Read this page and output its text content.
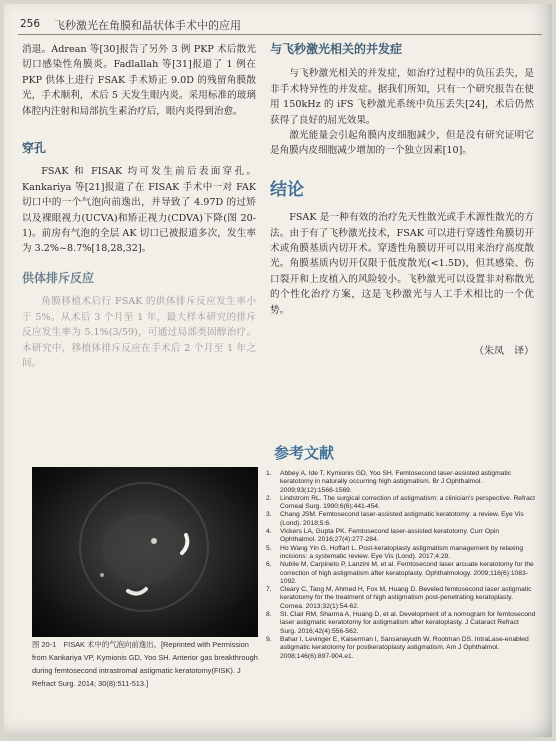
256 飞秒激光在角膜和晶状体手术中的应用

消退。Adrean 等[30]报告了另外 3 例 PKP 术后散光切口感染性角膜炎。Fadlallah 等[31]报道了 1 例在 PKP 供体上进行 FSAK 手术矫正 9.0D 的残留角膜散光，手术顺利，术后 5 天发生眼内炎。采用标准的玻璃体腔内注射和局部抗生素治疗后，眼内炎得到治愈。

穿孔

FSAK 和 FISAK 均可发生前后表面穿孔。Kankariya 等[21]报道了在 FISAK 手术中一对 FAK 切口中的一个气泡向前逸出，并导致了 4.97D 的过矫以及裸眼视力(UCVA)和矫正视力(CDVA)下降(图 20-1)。前房有气泡的全层 AK 切口已被报道多次，发生率为 3.2%~8.7%[18,28,32]。

供体排斥反应

角膜移植术后行 FSAK 的供体排斥反应发生率小于 5%。从术后 3 个月至 1 年，最大样本研究的排斥反应发生率为 5.1%(3/59)，可通过局部类固醇治疗。本研究中，移植体排斥反应在手术后 2 个月至 1 年之间。

图 20-1　FISAK 术中的气泡向前逸出。[Reprinted with Permission from Kankariya VP, Kymionis GD, Yoo SH. Anterior gas breakthrough during femtosecond intrastromal astigmatic keratotomy(FISK). J Refract Surg. 2014; 30(8):511-513.]
与飞秒激光相关的并发症

与飞秒激光相关的并发症，如治疗过程中的负压丢失，是非手术特异性的并发症。据我们所知，只有一个研究报告在使用 150kHz 的 iFS 飞秒激光系统中负压丢失[24]，术后仍然获得了良好的屈光效果。

激光能量会引起角膜内皮细胞减少，但是没有研究证明它是角膜内皮细胞减少增加的一个独立因素[10]。

结论

FSAK 是一种有效的治疗先天性散光或手术源性散光的方法。由于有了飞秒激光技术，FSAK 可以进行穿透性角膜切开术或角膜基质内切开术。穿透性角膜切开可以用来治疗高度散光。角膜基质内切开仅限于低度散光(<1.5D)，但其感染、伤口裂开和上皮植入的风险较小。飞秒激光可以设置非对称散光的个性化治疗方案，这是飞秒激光与人工手术相比的一个优势。

（朱凤　译）
参考文献
1.	Abbey A, Ide T, Kymionis GD, Yoo SH. Femtosecond laser-assisted astigmatic keratotomy in naturally occurring high astigmatism. Br J Ophthalmol. 2009;93(12):1566-1569.
2.	Lindstrom RL. The surgical correction of astigmatism: a clinician's perspective. Refract Corneal Surg. 1990;6(6):441-454.
3.	Chang JSM. Femtosecond laser-assisted astigmatic keratotomy: a review. Eye Vis (Lond). 2018;5:6.
4.	Vickers LA, Gupta PK. Femtosecond laser-assisted keratotomy. Curr Opin Ophthalmol. 2016;27(4):277-284.
5.	Ho Wang Yin G, Hoffart L. Post-keratoplasty astigmatism management by relaxing incisions: a systematic review. Eye Vis (Lond). 2017;4:29.
6.	Nubile M, Carpineto P, Lanzini M, et al. Femtosecond laser arcuate keratotomy for the correction of high astigmatism after keratoplasty. Ophthalmology. 2009;116(6):1083-1092.
7.	Cleary C, Tang M, Ahmed H, Fox M, Huang D. Beveled femtosecond laser astigmatic keratotomy for the treatment of high astigmatism post-penetrating keratoplasty. Cornea. 2013;32(1):54-62.
8.	St. Clair RM, Sharma A, Huang D, et al. Development of a nomogram for femtosecond laser astigmatic keratotomy for astigmatism after keratoplasty. J Cataract Refract Surg. 2016;42(4):556-562.
9.	Bahar I, Levinger E, Kaiserman I, Sansanayudh W, Rootman DS. IntraLase-enabled astigmatic keratotomy for postkeratoplasty astigmatism. Am J Ophthalmol. 2008;146(6):897-904.e1.
